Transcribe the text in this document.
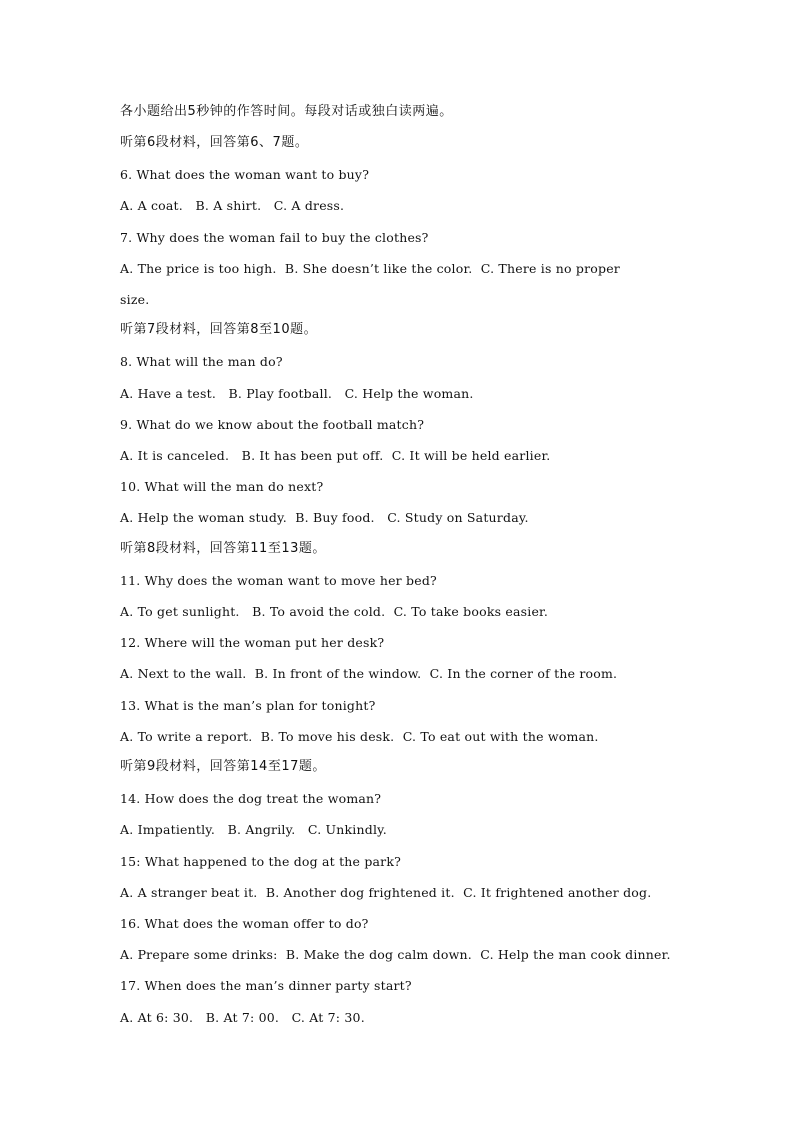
各小题给出5秒钟的作答时间。每段对话或独白读两遍。
听第6段材料，回答第6、7题。
6. What does the woman want to buy?
A. A coat.   B. A shirt.   C. A dress.
7. Why does the woman fail to buy the clothes?
A. The price is too high.  B. She doesn’t like the color.  C. There is no proper
size.
听第7段材料，回答第8至10题。
8. What will the man do?
A. Have a test.   B. Play football.   C. Help the woman.
9. What do we know about the football match?
A. It is canceled.   B. It has been put off.  C. It will be held earlier.
10. What will the man do next?
A. Help the woman study.  B. Buy food.   C. Study on Saturday.
听第8段材料，回答第11至13题。
11. Why does the woman want to move her bed?
A. To get sunlight.   B. To avoid the cold.  C. To take books easier.
12. Where will the woman put her desk?
A. Next to the wall.  B. In front of the window.  C. In the corner of the room.
13. What is the man’s plan for tonight?
A. To write a report.  B. To move his desk.  C. To eat out with the woman.
听第9段材料，回答第14至17题。
14. How does the dog treat the woman?
A. Impatiently.   B. Angrily.   C. Unkindly.
15: What happened to the dog at the park?
A. A stranger beat it.  B. Another dog frightened it.  C. It frightened another dog.
16. What does the woman offer to do?
A. Prepare some drinks:  B. Make the dog calm down.  C. Help the man cook dinner.
17. When does the man’s dinner party start?
A. At 6: 30.   B. At 7: 00.   C. At 7: 30.
